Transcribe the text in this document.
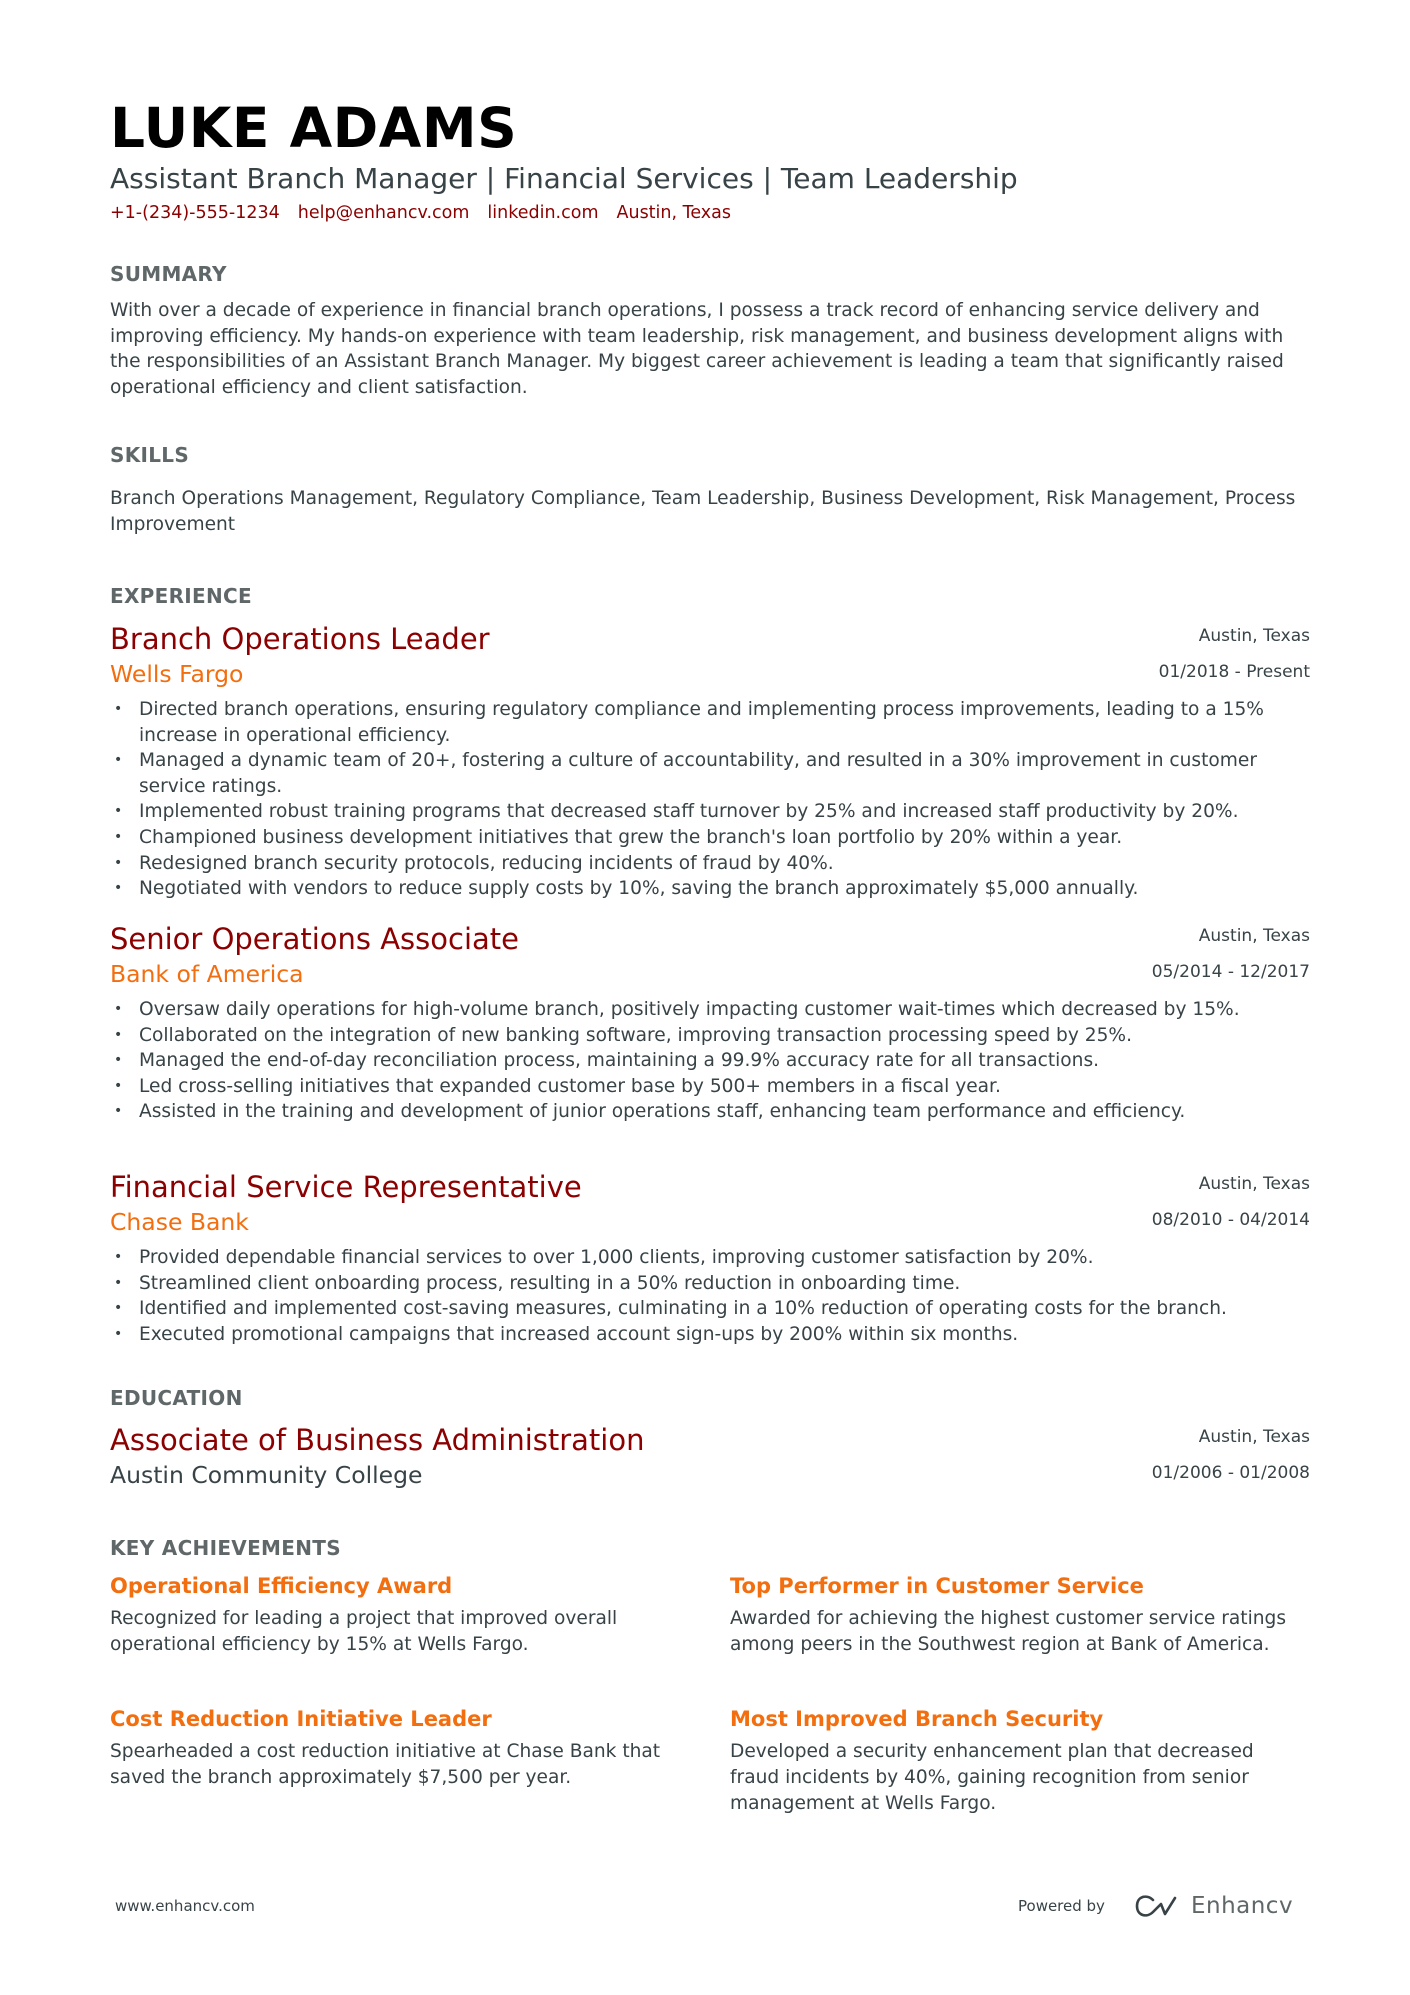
LUKE ADAMS
Assistant Branch Manager | Financial Services | Team Leadership
+1-(234)-555-1234 help@enhancv.com linkedin.com Austin, Texas
SUMMARY
With over a decade of experience in financial branch operations, I possess a track record of enhancing service delivery and improving efficiency. My hands-on experience with team leadership, risk management, and business development aligns with the responsibilities of an Assistant Branch Manager. My biggest career achievement is leading a team that significantly raised operational efficiency and client satisfaction.
SKILLS
Branch Operations Management, Regulatory Compliance, Team Leadership, Business Development, Risk Management, Process Improvement
EXPERIENCE
Branch Operations Leader
Wells Fargo
Austin, Texas
01/2018 - Present
• Directed branch operations, ensuring regulatory compliance and implementing process improvements, leading to a 15% increase in operational efficiency.
• Managed a dynamic team of 20+, fostering a culture of accountability, and resulted in a 30% improvement in customer service ratings.
• Implemented robust training programs that decreased staff turnover by 25% and increased staff productivity by 20%.
• Championed business development initiatives that grew the branch's loan portfolio by 20% within a year.
• Redesigned branch security protocols, reducing incidents of fraud by 40%.
• Negotiated with vendors to reduce supply costs by 10%, saving the branch approximately $5,000 annually.
Senior Operations Associate
Bank of America
Austin, Texas
05/2014 - 12/2017
• Oversaw daily operations for high-volume branch, positively impacting customer wait-times which decreased by 15%.
• Collaborated on the integration of new banking software, improving transaction processing speed by 25%.
• Managed the end-of-day reconciliation process, maintaining a 99.9% accuracy rate for all transactions.
• Led cross-selling initiatives that expanded customer base by 500+ members in a fiscal year.
• Assisted in the training and development of junior operations staff, enhancing team performance and efficiency.
Financial Service Representative
Chase Bank
Austin, Texas
08/2010 - 04/2014
• Provided dependable financial services to over 1,000 clients, improving customer satisfaction by 20%.
• Streamlined client onboarding process, resulting in a 50% reduction in onboarding time.
• Identified and implemented cost-saving measures, culminating in a 10% reduction of operating costs for the branch.
• Executed promotional campaigns that increased account sign-ups by 200% within six months.
EDUCATION
Associate of Business Administration
Austin Community College
Austin, Texas
01/2006 - 01/2008
KEY ACHIEVEMENTS
Operational Efficiency Award
Recognized for leading a project that improved overall operational efficiency by 15% at Wells Fargo.
Top Performer in Customer Service
Awarded for achieving the highest customer service ratings among peers in the Southwest region at Bank of America.
Cost Reduction Initiative Leader
Spearheaded a cost reduction initiative at Chase Bank that saved the branch approximately $7,500 per year.
Most Improved Branch Security
Developed a security enhancement plan that decreased fraud incidents by 40%, gaining recognition from senior management at Wells Fargo.
www.enhancv.com	Powered by	Enhancv
